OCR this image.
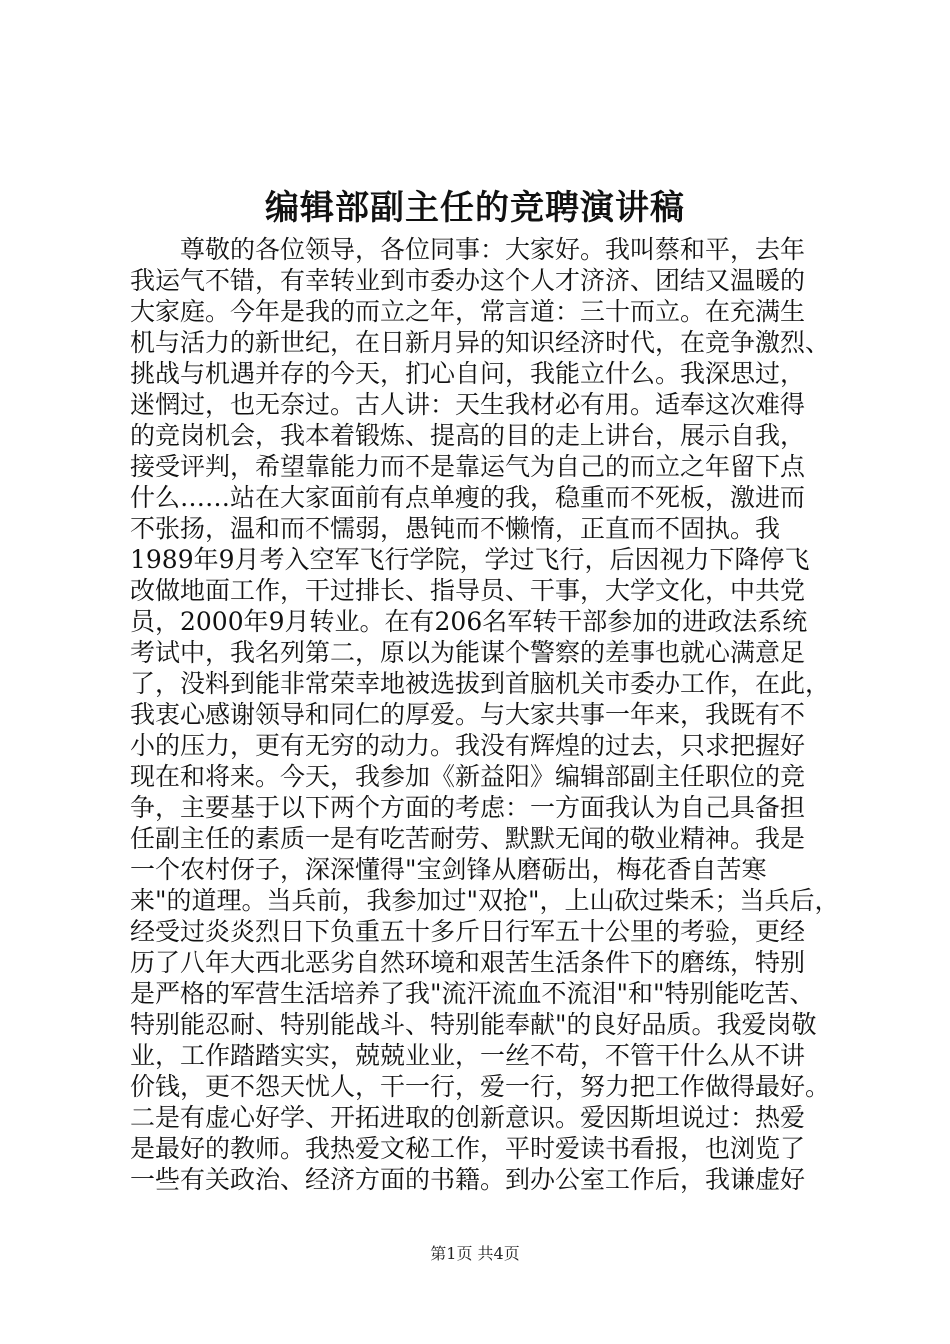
编辑部副主任的竞聘演讲稿
尊敬的各位领导，各位同事：大家好。我叫蔡和平，去年
我运气不错，有幸转业到市委办这个人才济济、团结又温暖的
大家庭。今年是我的而立之年，常言道：三十而立。在充满生
机与活力的新世纪，在日新月异的知识经济时代，在竞争激烈、
挑战与机遇并存的今天，扪心自问，我能立什么。我深思过，
迷惘过，也无奈过。古人讲：天生我材必有用。适奉这次难得
的竞岗机会，我本着锻炼、提高的目的走上讲台，展示自我，
接受评判，希望靠能力而不是靠运气为自己的而立之年留下点
什么……站在大家面前有点单瘦的我，稳重而不死板，激进而
不张扬，温和而不懦弱，愚钝而不懒惰，正直而不固执。我
1989年9月考入空军飞行学院，学过飞行，后因视力下降停飞
改做地面工作，干过排长、指导员、干事，大学文化，中共党
员，2000年9月转业。在有206名军转干部参加的进政法系统
考试中，我名列第二，原以为能谋个警察的差事也就心满意足
了，没料到能非常荣幸地被选拔到首脑机关市委办工作，在此，
我衷心感谢领导和同仁的厚爱。与大家共事一年来，我既有不
小的压力，更有无穷的动力。我没有辉煌的过去，只求把握好
现在和将来。今天，我参加《新益阳》编辑部副主任职位的竞
争，主要基于以下两个方面的考虑：一方面我认为自己具备担
任副主任的素质一是有吃苦耐劳、默默无闻的敬业精神。我是
一个农村伢子，深深懂得"宝剑锋从磨砺出，梅花香自苦寒
来"的道理。当兵前，我参加过"双抢"，上山砍过柴禾；当兵后，
经受过炎炎烈日下负重五十多斤日行军五十公里的考验，更经
历了八年大西北恶劣自然环境和艰苦生活条件下的磨练，特别
是严格的军营生活培养了我"流汗流血不流泪"和"特别能吃苦、
特别能忍耐、特别能战斗、特别能奉献"的良好品质。我爱岗敬
业，工作踏踏实实，兢兢业业，一丝不苟，不管干什么从不讲
价钱，更不怨天忧人，干一行，爱一行，努力把工作做得最好。
二是有虚心好学、开拓进取的创新意识。爱因斯坦说过：热爱
是最好的教师。我热爱文秘工作，平时爱读书看报，也浏览了
一些有关政治、经济方面的书籍。到办公室工作后，我谦虚好
第1页 共4页
